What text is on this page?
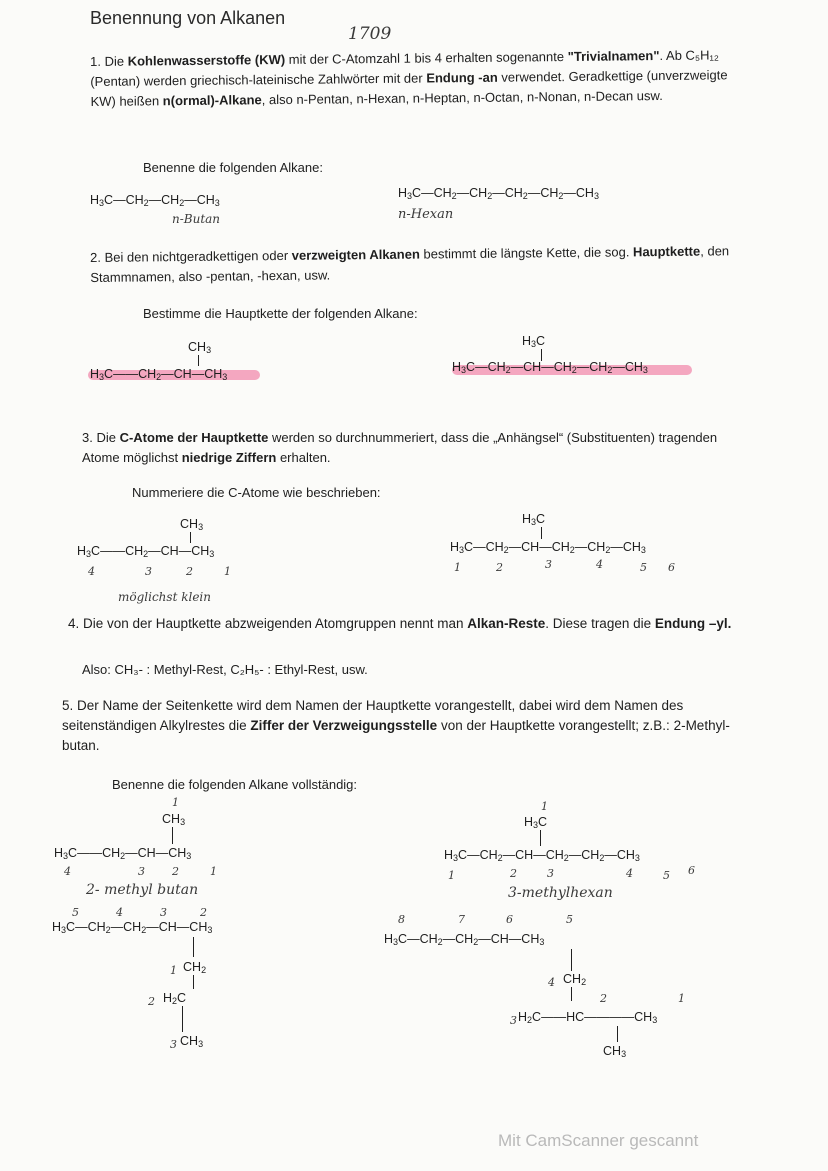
Benennung von Alkanen
1709
1. Die Kohlenwasserstoffe (KW) mit der C-Atomzahl 1 bis 4 erhalten sogenannte "Trivialnamen". Ab C₅H₁₂ (Pentan) werden griechisch-lateinische Zahlwörter mit der Endung -an verwendet. Geradkettige (unverzweigte KW) heißen n(ormal)-Alkane, also n-Pentan, n-Hexan, n-Heptan, n-Octan, n-Nonan, n-Decan usw.
Benenne die folgenden Alkane:
$H_3C—CH_2—CH_2—CH_3$
n-Butan
$H_3C—CH_2—CH_2—CH_2—CH_2—CH_3$
n-Hexan
2. Bei den nichtgeradkettigen oder verzweigten Alkanen bestimmt die längste Kette, die sog. Hauptkette, den Stammnamen, also -pentan, -hexan, usw.
Bestimme die Hauptkette der folgenden Alkane:
$CH_3$
$H_3C——CH_2—CH—CH_3$
$H_3C$
$H_3C—CH_2—CH—CH_2—CH_2—CH_3$
3. Die C-Atome der Hauptkette werden so durchnummeriert, dass die „Anhängsel“ (Substituenten) tragenden Atome möglichst niedrige Ziffern erhalten.
Nummeriere die C-Atome wie beschrieben:
$CH_3$
$H_3C——CH_2—CH—CH_3$
4	3	2	1
möglichst klein
$H_3C$
$H_3C—CH_2—CH—CH_2—CH_2—CH_3$
1	2	3	4	5 6
4. Die von der Hauptkette abzweigenden Atomgruppen nennt man Alkan-Reste. Diese tragen die Endung –yl.
Also: CH₃- : Methyl-Rest, C₂H₅- : Ethyl-Rest, usw.
5. Der Name der Seitenkette wird dem Namen der Hauptkette vorangestellt, dabei wird dem Namen des seitenständigen Alkylrestes die Ziffer der Verzweigungsstelle von der Hauptkette vorangestellt; z.B.: 2-Methyl-butan.
Benenne die folgenden Alkane vollständig:
1
$CH_3$
$H_3C——CH_2—CH—CH_3$
4	3 2	1
2- methyl butan
1
$H_3C$
$H_3C—CH_2—CH—CH_2—CH_2—CH_3$
1	2	3	4	5 6
3-methylhexan
5	4	3	2
$H_3C—CH_2—CH_2—CH—CH_3$
1 $CH_2$
2 $H_2C$
3 $CH_3$
8	7	6	5
$H_3C—CH_2—CH_2—CH—CH_3$
4 $CH_2$
2	1
3 $H_2C——HC————CH_3$
$CH_3$
Mit CamScanner gescannt
